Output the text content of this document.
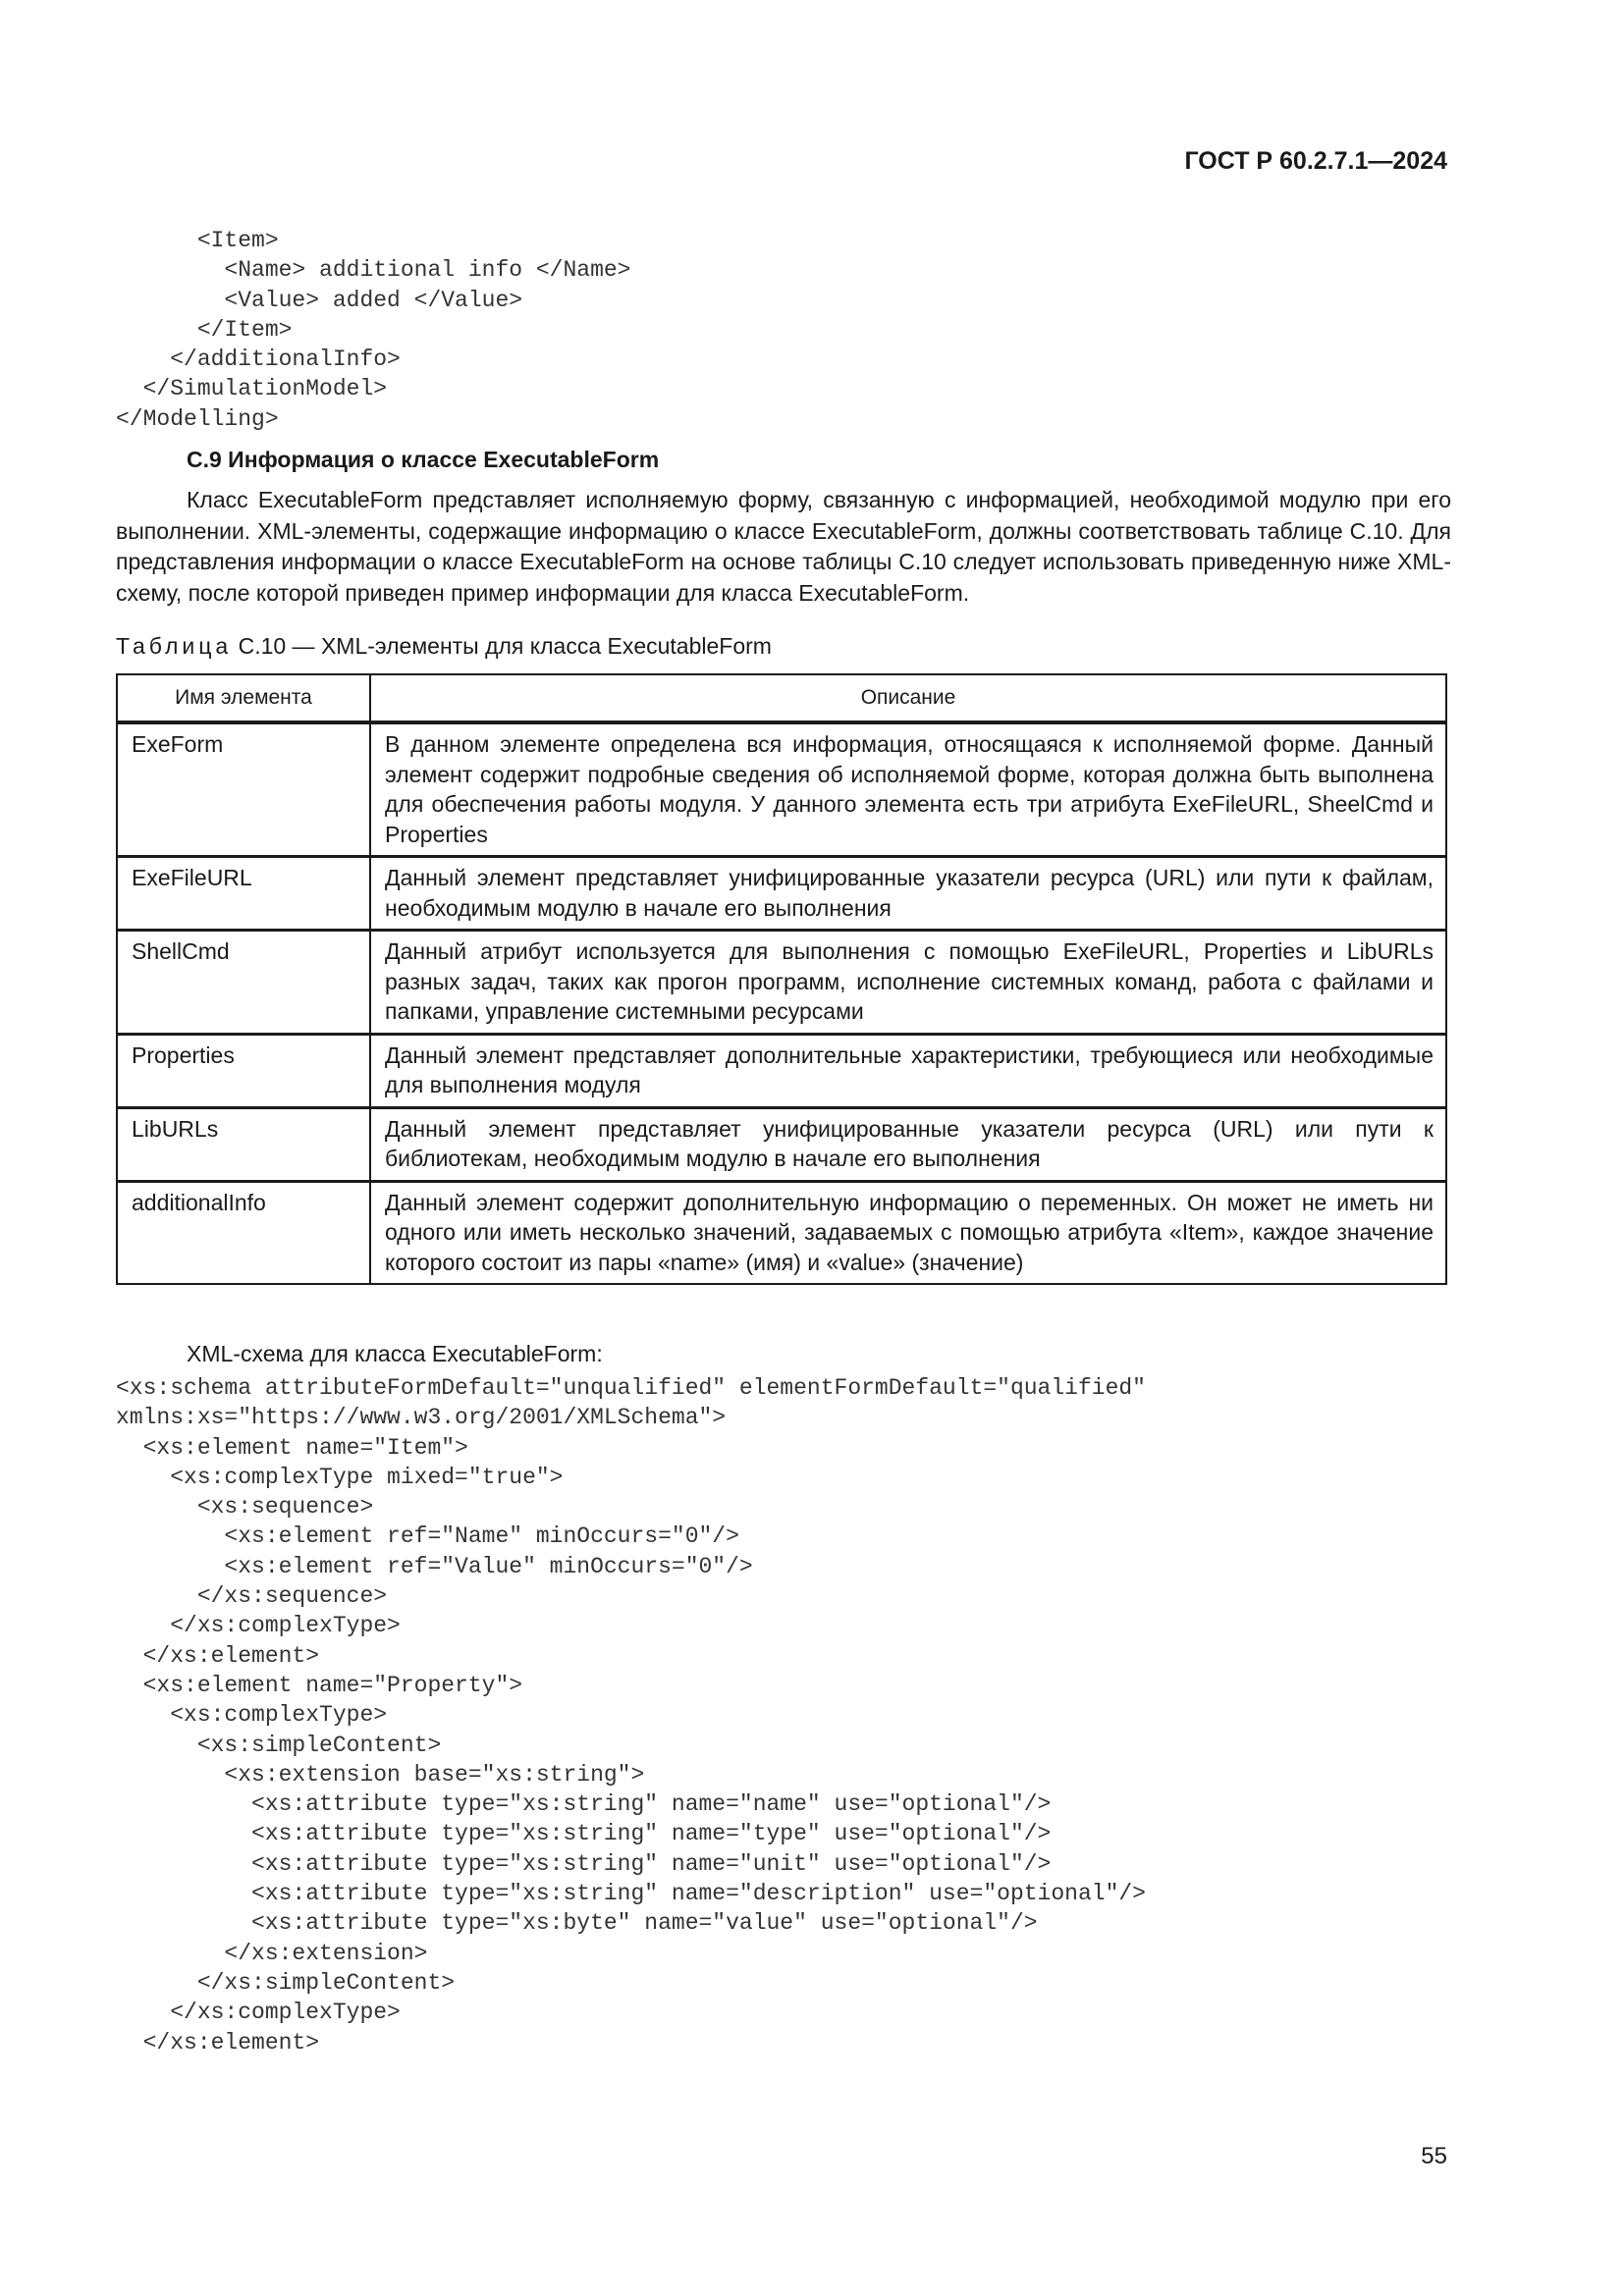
ГОСТ Р 60.2.7.1—2024
<Item>
<Name> additional info </Name>
<Value> added </Value>
</Item>
</additionalInfo>
</SimulationModel>
</Modelling>
С.9 Информация о классе ExecutableForm

Класс ExecutableForm представляет исполняемую форму, связанную с информацией, необходимой модулю при его выполнении. XML-элементы, содержащие информацию о классе ExecutableForm, должны соответствовать таблице С.10. Для представления информации о классе ExecutableForm на основе таблицы С.10 следует использовать приведенную ниже XML-схему, после которой приведен пример информации для класса ExecutableForm.

Таблица С.10 — XML-элементы для класса ExecutableForm
Имя элемента	Описание
ExeForm	В данном элементе определена вся информация, относящаяся к исполняемой форме. Данный элемент содержит подробные сведения об исполняемой форме, которая должна быть выполнена для обеспечения работы модуля. У данного элемента есть три атрибута ExeFileURL, SheelCmd и Properties
ExeFileURL	Данный элемент представляет унифицированные указатели ресурса (URL) или пути к файлам, необходимым модулю в начале его выполнения
ShellCmd	Данный атрибут используется для выполнения с помощью ExeFileURL, Properties и LibURLs разных задач, таких как прогон программ, исполнение системных команд, работа с файлами и папками, управление системными ресурсами
Properties	Данный элемент представляет дополнительные характеристики, требующиеся или необходимые для выполнения модуля
LibURLs	Данный элемент представляет унифицированные указатели ресурса (URL) или пути к библиотекам, необходимым модулю в начале его выполнения
additionalInfo	Данный элемент содержит дополнительную информацию о переменных. Он может не иметь ни одного или иметь несколько значений, задаваемых с помощью атрибута «Item», каждое значение которого состоит из пары «name» (имя) и «value» (значение)
XML-схема для класса ExecutableForm:
<xs:schema attributeFormDefault="unqualified" elementFormDefault="qualified"
xmlns:xs="https://www.w3.org/2001/XMLSchema">
<xs:element name="Item">
<xs:complexType mixed="true">
<xs:sequence>
<xs:element ref="Name" minOccurs="0"/>
<xs:element ref="Value" minOccurs="0"/>
</xs:sequence>
</xs:complexType>
</xs:element>
<xs:element name="Property">
<xs:complexType>
<xs:simpleContent>
<xs:extension base="xs:string">
<xs:attribute type="xs:string" name="name" use="optional"/>
<xs:attribute type="xs:string" name="type" use="optional"/>
<xs:attribute type="xs:string" name="unit" use="optional"/>
<xs:attribute type="xs:string" name="description" use="optional"/>
<xs:attribute type="xs:byte" name="value" use="optional"/>
</xs:extension>
</xs:simpleContent>
</xs:complexType>
</xs:element>
55
